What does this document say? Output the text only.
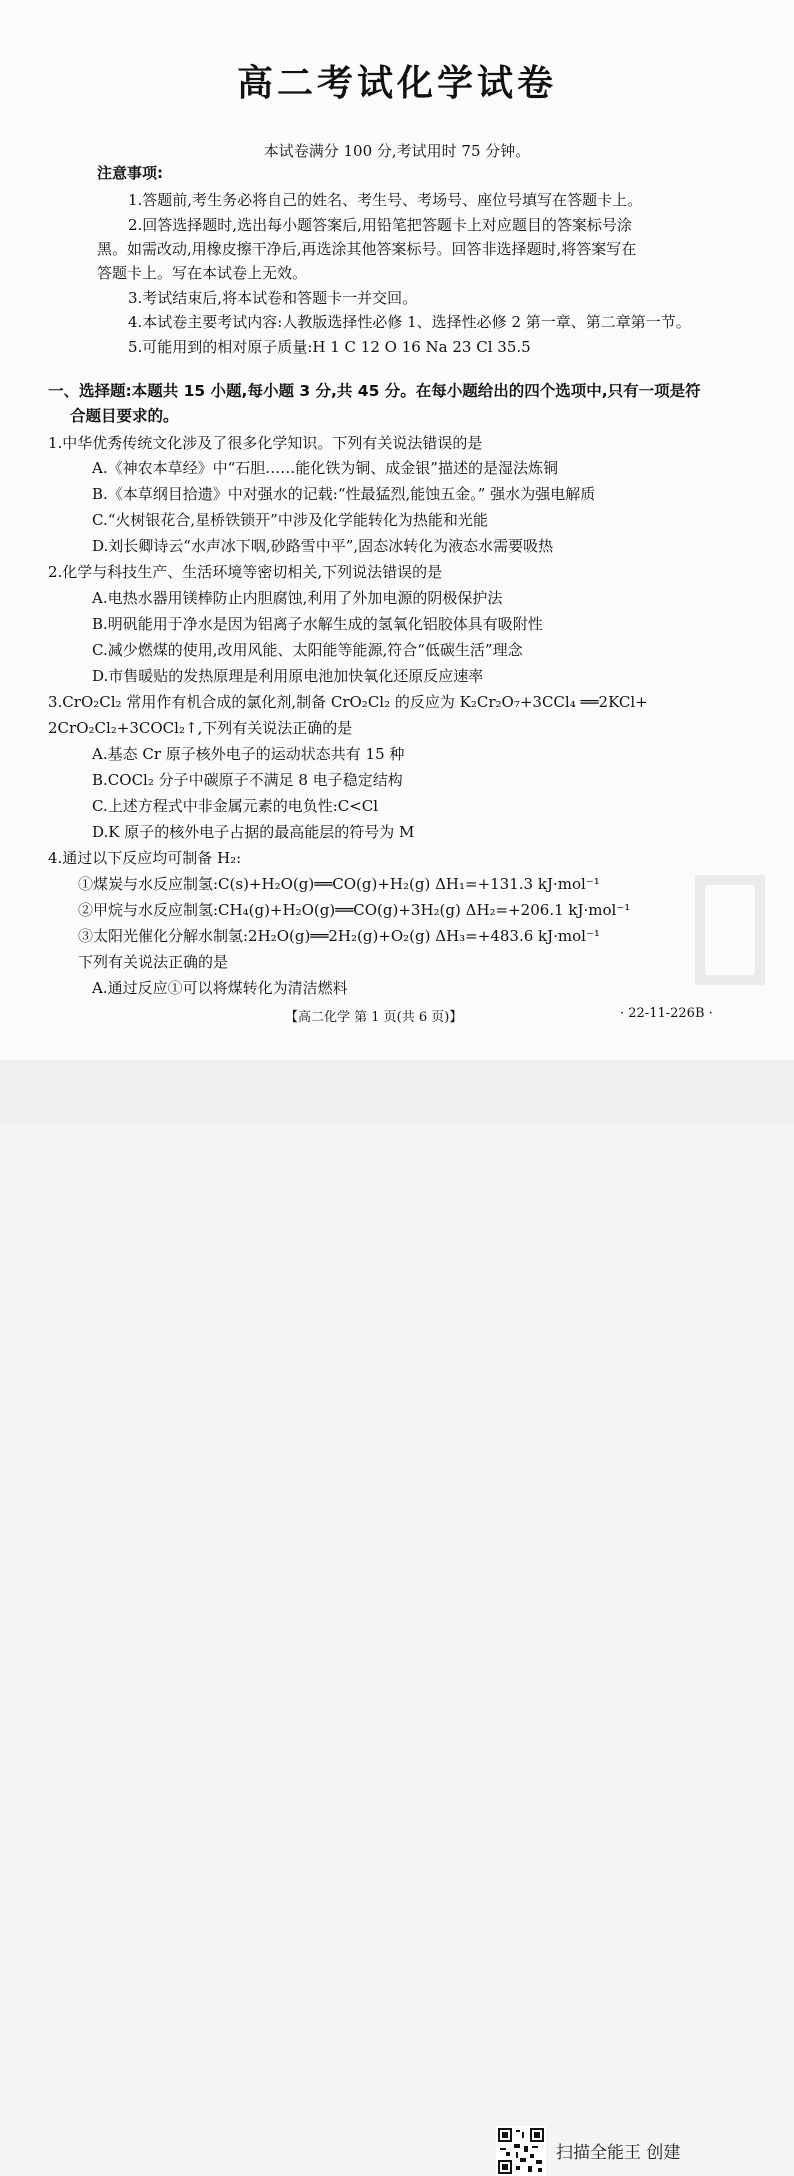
高二考试化学试卷
本试卷满分 100 分,考试用时 75 分钟。
注意事项:
1.答题前,考生务必将自己的姓名、考生号、考场号、座位号填写在答题卡上。
2.回答选择题时,选出每小题答案后,用铅笔把答题卡上对应题目的答案标号涂
黑。如需改动,用橡皮擦干净后,再选涂其他答案标号。回答非选择题时,将答案写在
答题卡上。写在本试卷上无效。
3.考试结束后,将本试卷和答题卡一并交回。
4.本试卷主要考试内容:人教版选择性必修 1、选择性必修 2 第一章、第二章第一节。
5.可能用到的相对原子质量:H 1 C 12 O 16 Na 23 Cl 35.5
一、选择题:本题共 15 小题,每小题 3 分,共 45 分。在每小题给出的四个选项中,只有一项是符
合题目要求的。
1.中华优秀传统文化涉及了很多化学知识。下列有关说法错误的是
A.《神农本草经》中“石胆……能化铁为铜、成金银”描述的是湿法炼铜
B.《本草纲目拾遗》中对强水的记载:“性最猛烈,能蚀五金。” 强水为强电解质
C.“火树银花合,星桥铁锁开”中涉及化学能转化为热能和光能
D.刘长卿诗云“水声冰下咽,砂路雪中平”,固态冰转化为液态水需要吸热
2.化学与科技生产、生活环境等密切相关,下列说法错误的是
A.电热水器用镁棒防止内胆腐蚀,利用了外加电源的阴极保护法
B.明矾能用于净水是因为铝离子水解生成的氢氧化铝胶体具有吸附性
C.减少燃煤的使用,改用风能、太阳能等能源,符合“低碳生活”理念
D.市售暖贴的发热原理是利用原电池加快氧化还原反应速率
3.CrO₂Cl₂ 常用作有机合成的氯化剂,制备 CrO₂Cl₂ 的反应为 K₂Cr₂O₇+3CCl₄ ══2KCl+
2CrO₂Cl₂+3COCl₂↑,下列有关说法正确的是
A.基态 Cr 原子核外电子的运动状态共有 15 种
B.COCl₂ 分子中碳原子不满足 8 电子稳定结构
C.上述方程式中非金属元素的电负性:C<Cl
D.K 原子的核外电子占据的最高能层的符号为 M
4.通过以下反应均可制备 H₂:
①煤炭与水反应制氢:C(s)+H₂O(g)══CO(g)+H₂(g) ΔH₁=+131.3 kJ·mol⁻¹
②甲烷与水反应制氢:CH₄(g)+H₂O(g)══CO(g)+3H₂(g) ΔH₂=+206.1 kJ·mol⁻¹
③太阳光催化分解水制氢:2H₂O(g)══2H₂(g)+O₂(g) ΔH₃=+483.6 kJ·mol⁻¹
下列有关说法正确的是
A.通过反应①可以将煤转化为清洁燃料
【高二化学 第 1 页(共 6 页)】	· 22-11-226B ·
扫描全能王 创建
